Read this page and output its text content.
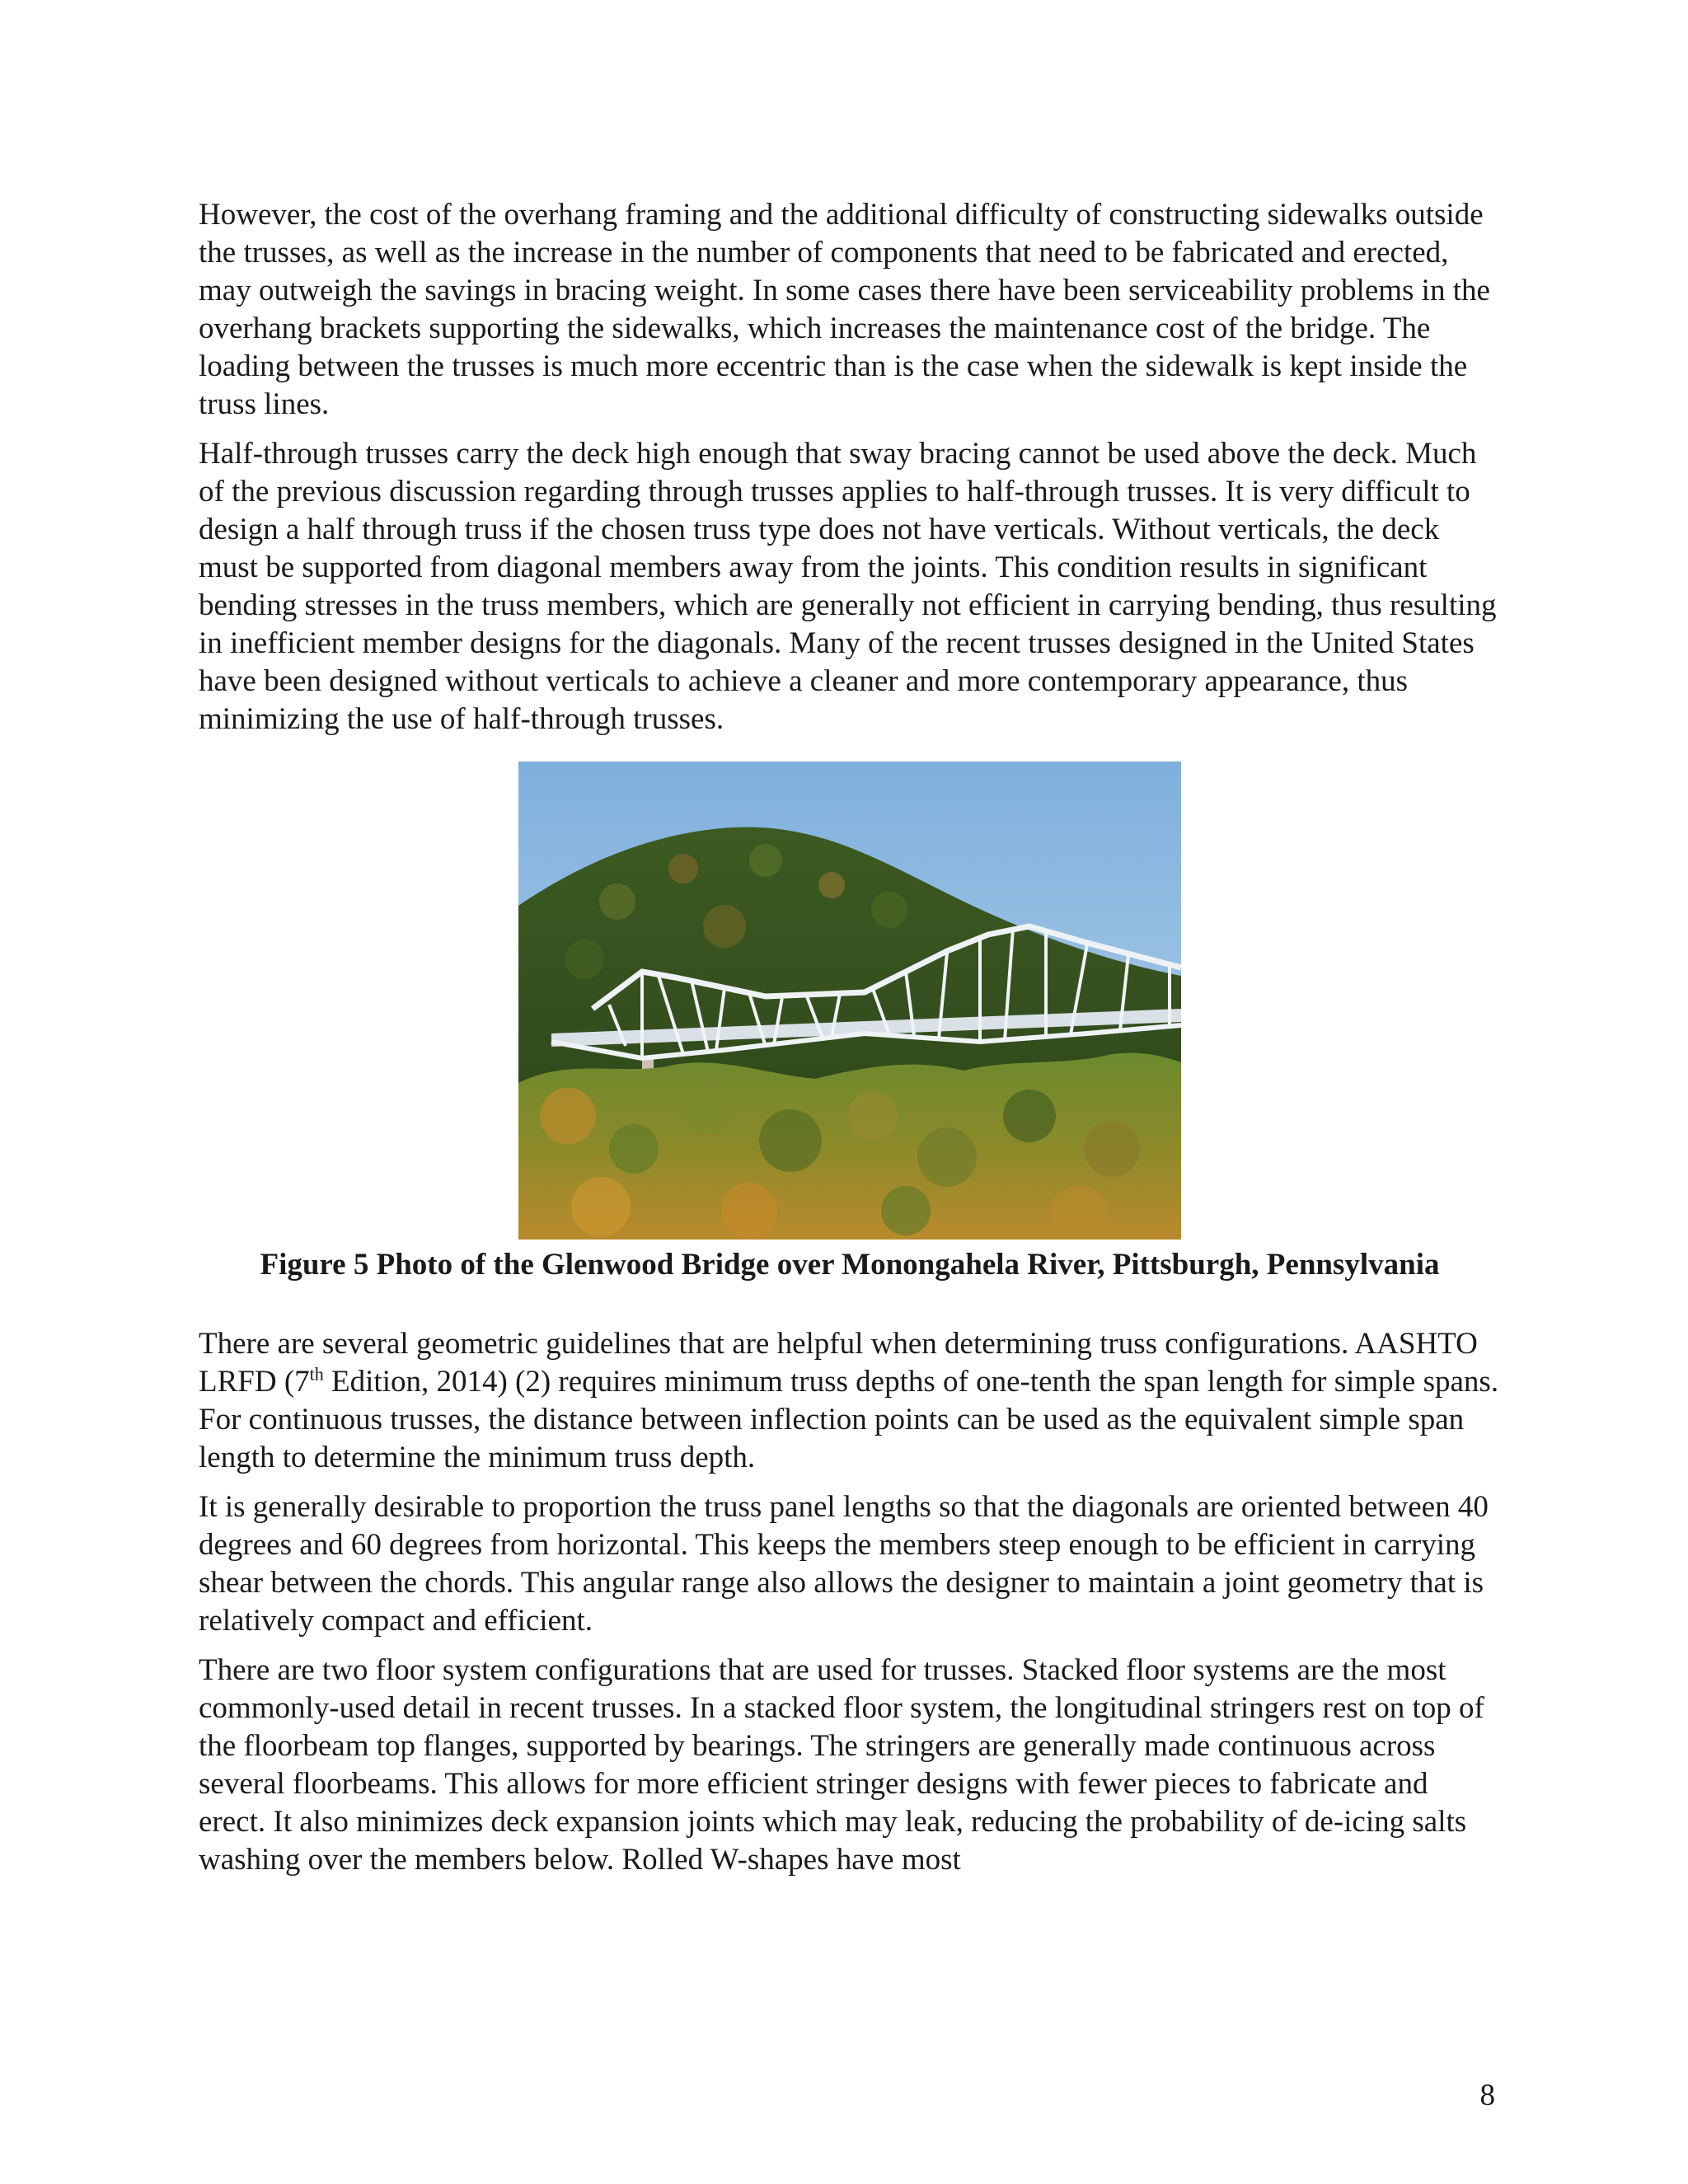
However, the cost of the overhang framing and the additional difficulty of constructing sidewalks outside the trusses, as well as the increase in the number of components that need to be fabricated and erected, may outweigh the savings in bracing weight. In some cases there have been serviceability problems in the overhang brackets supporting the sidewalks, which increases the maintenance cost of the bridge. The loading between the trusses is much more eccentric than is the case when the sidewalk is kept inside the truss lines.

Half-through trusses carry the deck high enough that sway bracing cannot be used above the deck. Much of the previous discussion regarding through trusses applies to half-through trusses. It is very difficult to design a half through truss if the chosen truss type does not have verticals. Without verticals, the deck must be supported from diagonal members away from the joints. This condition results in significant bending stresses in the truss members, which are generally not efficient in carrying bending, thus resulting in inefficient member designs for the diagonals. Many of the recent trusses designed in the United States have been designed without verticals to achieve a cleaner and more contemporary appearance, thus minimizing the use of half-through trusses.

Figure 5 Photo of the Glenwood Bridge over Monongahela River, Pittsburgh, Pennsylvania

There are several geometric guidelines that are helpful when determining truss configurations. AASHTO LRFD (7th Edition, 2014) (2) requires minimum truss depths of one-tenth the span length for simple spans. For continuous trusses, the distance between inflection points can be used as the equivalent simple span length to determine the minimum truss depth.

It is generally desirable to proportion the truss panel lengths so that the diagonals are oriented between 40 degrees and 60 degrees from horizontal. This keeps the members steep enough to be efficient in carrying shear between the chords. This angular range also allows the designer to maintain a joint geometry that is relatively compact and efficient.

There are two floor system configurations that are used for trusses. Stacked floor systems are the most commonly-used detail in recent trusses. In a stacked floor system, the longitudinal stringers rest on top of the floorbeam top flanges, supported by bearings. The stringers are generally made continuous across several floorbeams. This allows for more efficient stringer designs with fewer pieces to fabricate and erect. It also minimizes deck expansion joints which may leak, reducing the probability of de-icing salts washing over the members below. Rolled W-shapes have most

8
